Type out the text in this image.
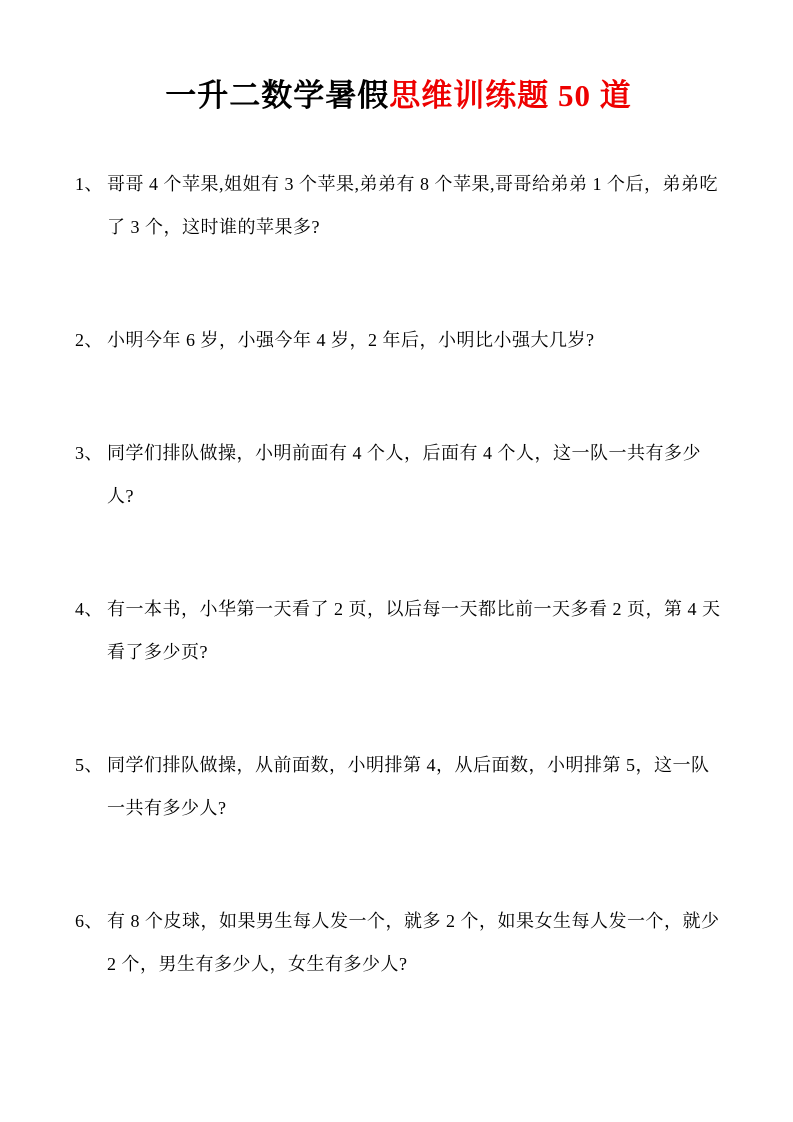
一升二数学暑假思维训练题 50 道
1、 哥哥 4 个苹果,姐姐有 3 个苹果,弟弟有 8 个苹果,哥哥给弟弟 1 个后，弟弟吃了 3 个，这时谁的苹果多?
2、 小明今年 6 岁，小强今年 4 岁，2 年后，小明比小强大几岁?
3、 同学们排队做操，小明前面有 4 个人，后面有 4 个人，这一队一共有多少人?
4、 有一本书，小华第一天看了 2 页，以后每一天都比前一天多看 2 页，第 4 天看了多少页?
5、 同学们排队做操，从前面数，小明排第 4，从后面数，小明排第 5，这一队一共有多少人?
6、 有 8 个皮球，如果男生每人发一个，就多 2 个，如果女生每人发一个，就少 2 个，男生有多少人，女生有多少人?
